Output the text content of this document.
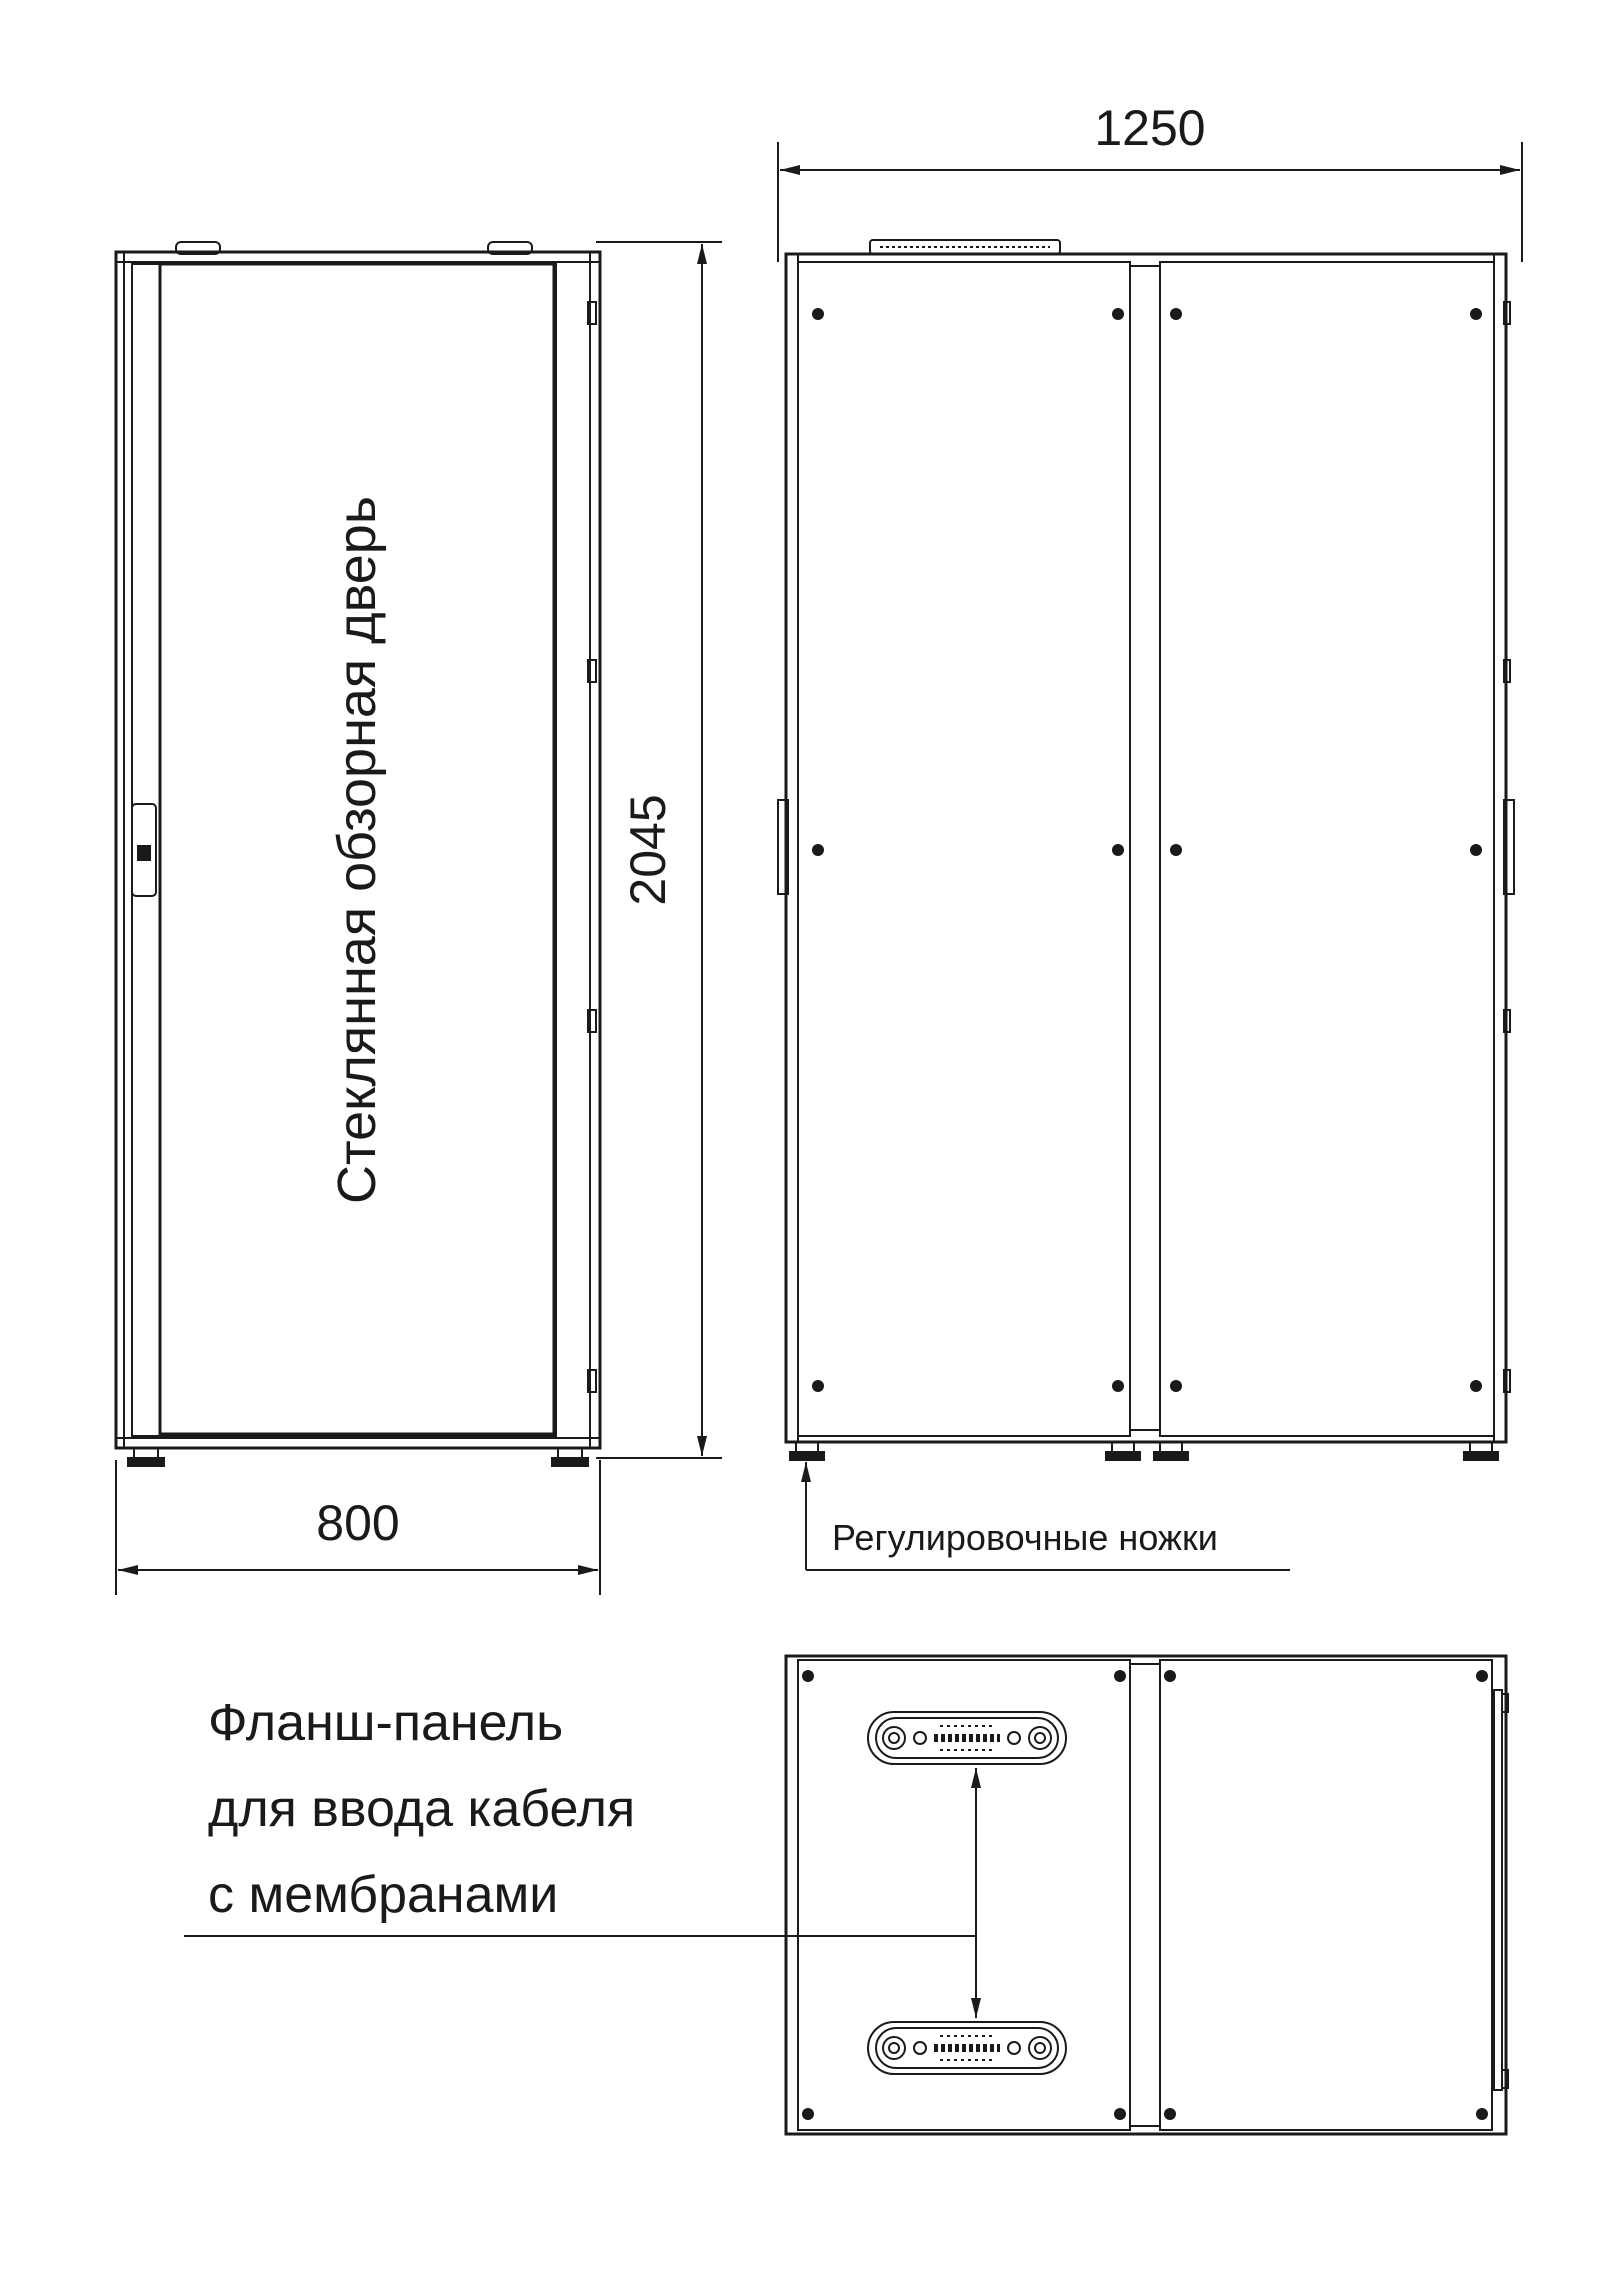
Стеклянная обзорная дверь	2045
800
1250
Регулировочные ножки
Фланш-панель
для ввода кабеля
с мембранами
